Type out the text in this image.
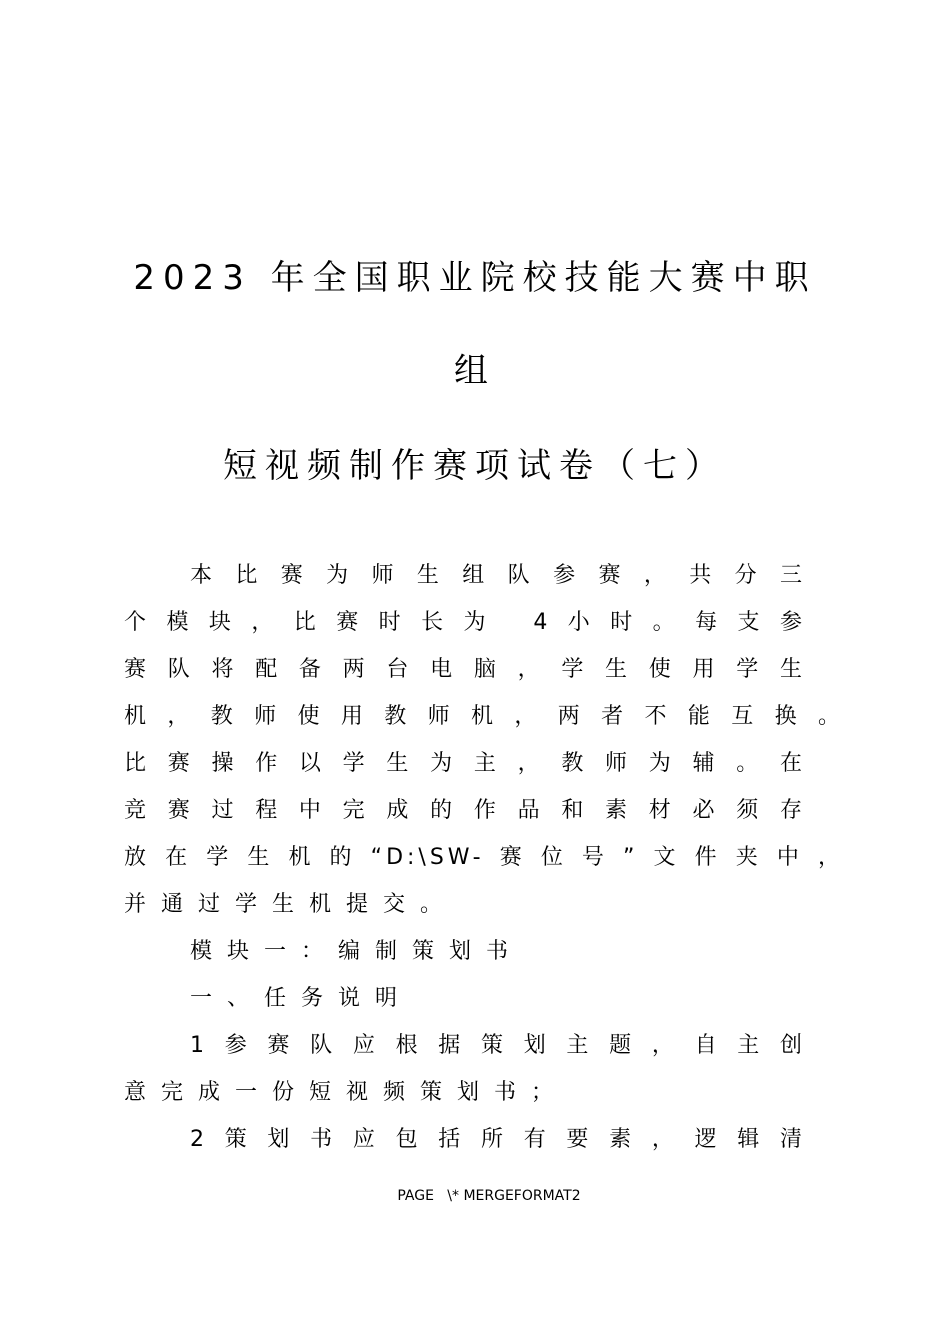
2023 年全国职业院校技能大赛中职
组
短视频制作赛项试卷（七）
本比赛为师生组队参赛，共分三
个模块，比赛时长为 4小时。每支参
赛队将配备两台电脑，学生使用学生
机，教师使用教师机，两者不能互换。
比赛操作以学生为主，教师为辅。在
竞赛过程中完成的作品和素材必须存
放在学生机的“D:\SW-赛位号”文件夹中，
并通过学生机提交。
模块一：编制策划书
一、任务说明
1参赛队应根据策划主题，自主创
意完成一份短视频策划书；
2策划书应包括所有要素，逻辑清
PAGE   \* MERGEFORMAT2
